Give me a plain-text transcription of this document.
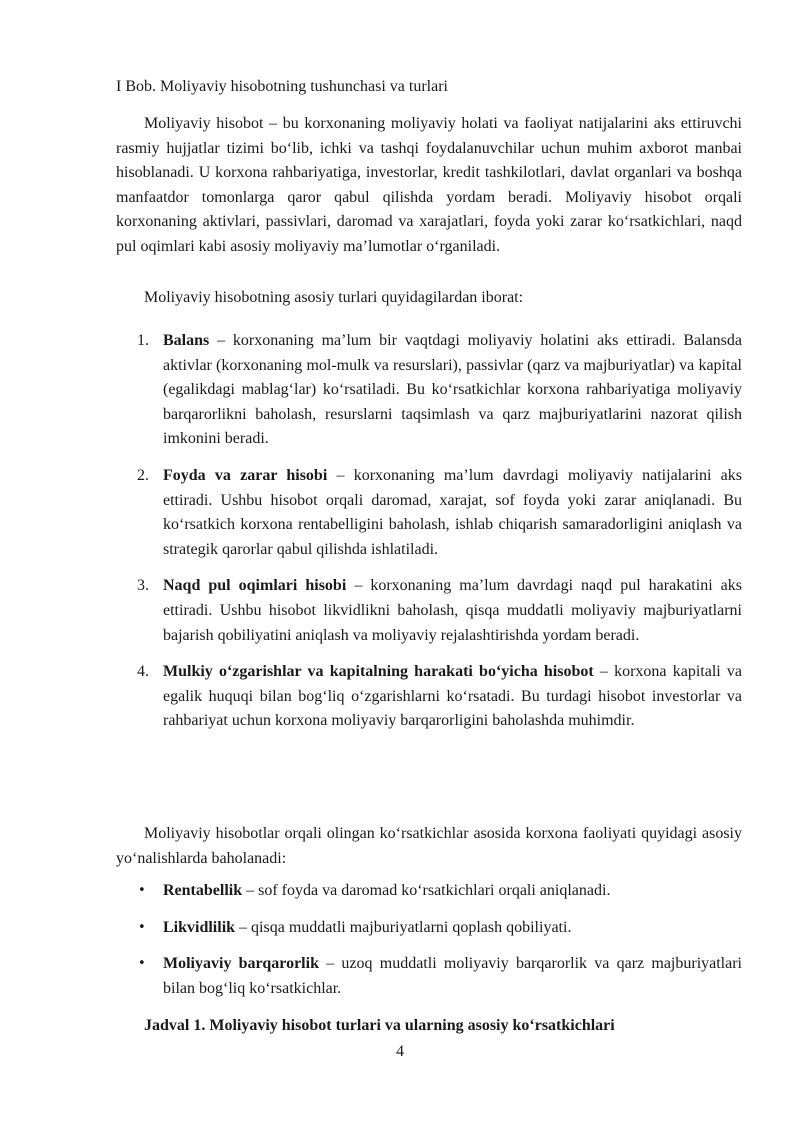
I Bob. Moliyaviy hisobotning tushunchasi va turlari

Moliyaviy hisobot – bu korxonaning moliyaviy holati va faoliyat natijalarini aks ettiruvchi rasmiy hujjatlar tizimi bo‘lib, ichki va tashqi foydalanuvchilar uchun muhim axborot manbai hisoblanadi. U korxona rahbariyatiga, investorlar, kredit tashkilotlari, davlat organlari va boshqa manfaatdor tomonlarga qaror qabul qilishda yordam beradi. Moliyaviy hisobot orqali korxonaning aktivlari, passivlari, daromad va xarajatlari, foyda yoki zarar ko‘rsatkichlari, naqd pul oqimlari kabi asosiy moliyaviy ma’lumotlar o‘rganiladi.

Moliyaviy hisobotning asosiy turlari quyidagilardan iborat:

1. Balans – korxonaning ma’lum bir vaqtdagi moliyaviy holatini aks ettiradi. Balansda aktivlar (korxonaning mol-mulk va resurslari), passivlar (qarz va majburiyatlar) va kapital (egalikdagi mablag‘lar) ko‘rsatiladi. Bu ko‘rsatkichlar korxona rahbariyatiga moliyaviy barqarorlikni baholash, resurslarni taqsimlash va qarz majburiyatlarini nazorat qilish imkonini beradi.
2. Foyda va zarar hisobi – korxonaning ma’lum davrdagi moliyaviy natijalarini aks ettiradi. Ushbu hisobot orqali daromad, xarajat, sof foyda yoki zarar aniqlanadi. Bu ko‘rsatkich korxona rentabelligini baholash, ishlab chiqarish samaradorligini aniqlash va strategik qarorlar qabul qilishda ishlatiladi.
3. Naqd pul oqimlari hisobi – korxonaning ma’lum davrdagi naqd pul harakatini aks ettiradi. Ushbu hisobot likvidlikni baholash, qisqa muddatli moliyaviy majburiyatlarni bajarish qobiliyatini aniqlash va moliyaviy rejalashtirishda yordam beradi.
4. Mulkiy o‘zgarishlar va kapitalning harakati bo‘yicha hisobot – korxona kapitali va egalik huquqi bilan bog‘liq o‘zgarishlarni ko‘rsatadi. Bu turdagi hisobot investorlar va rahbariyat uchun korxona moliyaviy barqarorligini baholashda muhimdir.

Moliyaviy hisobotlar orqali olingan ko‘rsatkichlar asosida korxona faoliyati quyidagi asosiy yo‘nalishlarda baholanadi:

• Rentabellik – sof foyda va daromad ko‘rsatkichlari orqali aniqlanadi.
• Likvidlilik – qisqa muddatli majburiyatlarni qoplash qobiliyati.
• Moliyaviy barqarorlik – uzoq muddatli moliyaviy barqarorlik va qarz majburiyatlari bilan bog‘liq ko‘rsatkichlar.

Jadval 1. Moliyaviy hisobot turlari va ularning asosiy ko‘rsatkichlari

4
